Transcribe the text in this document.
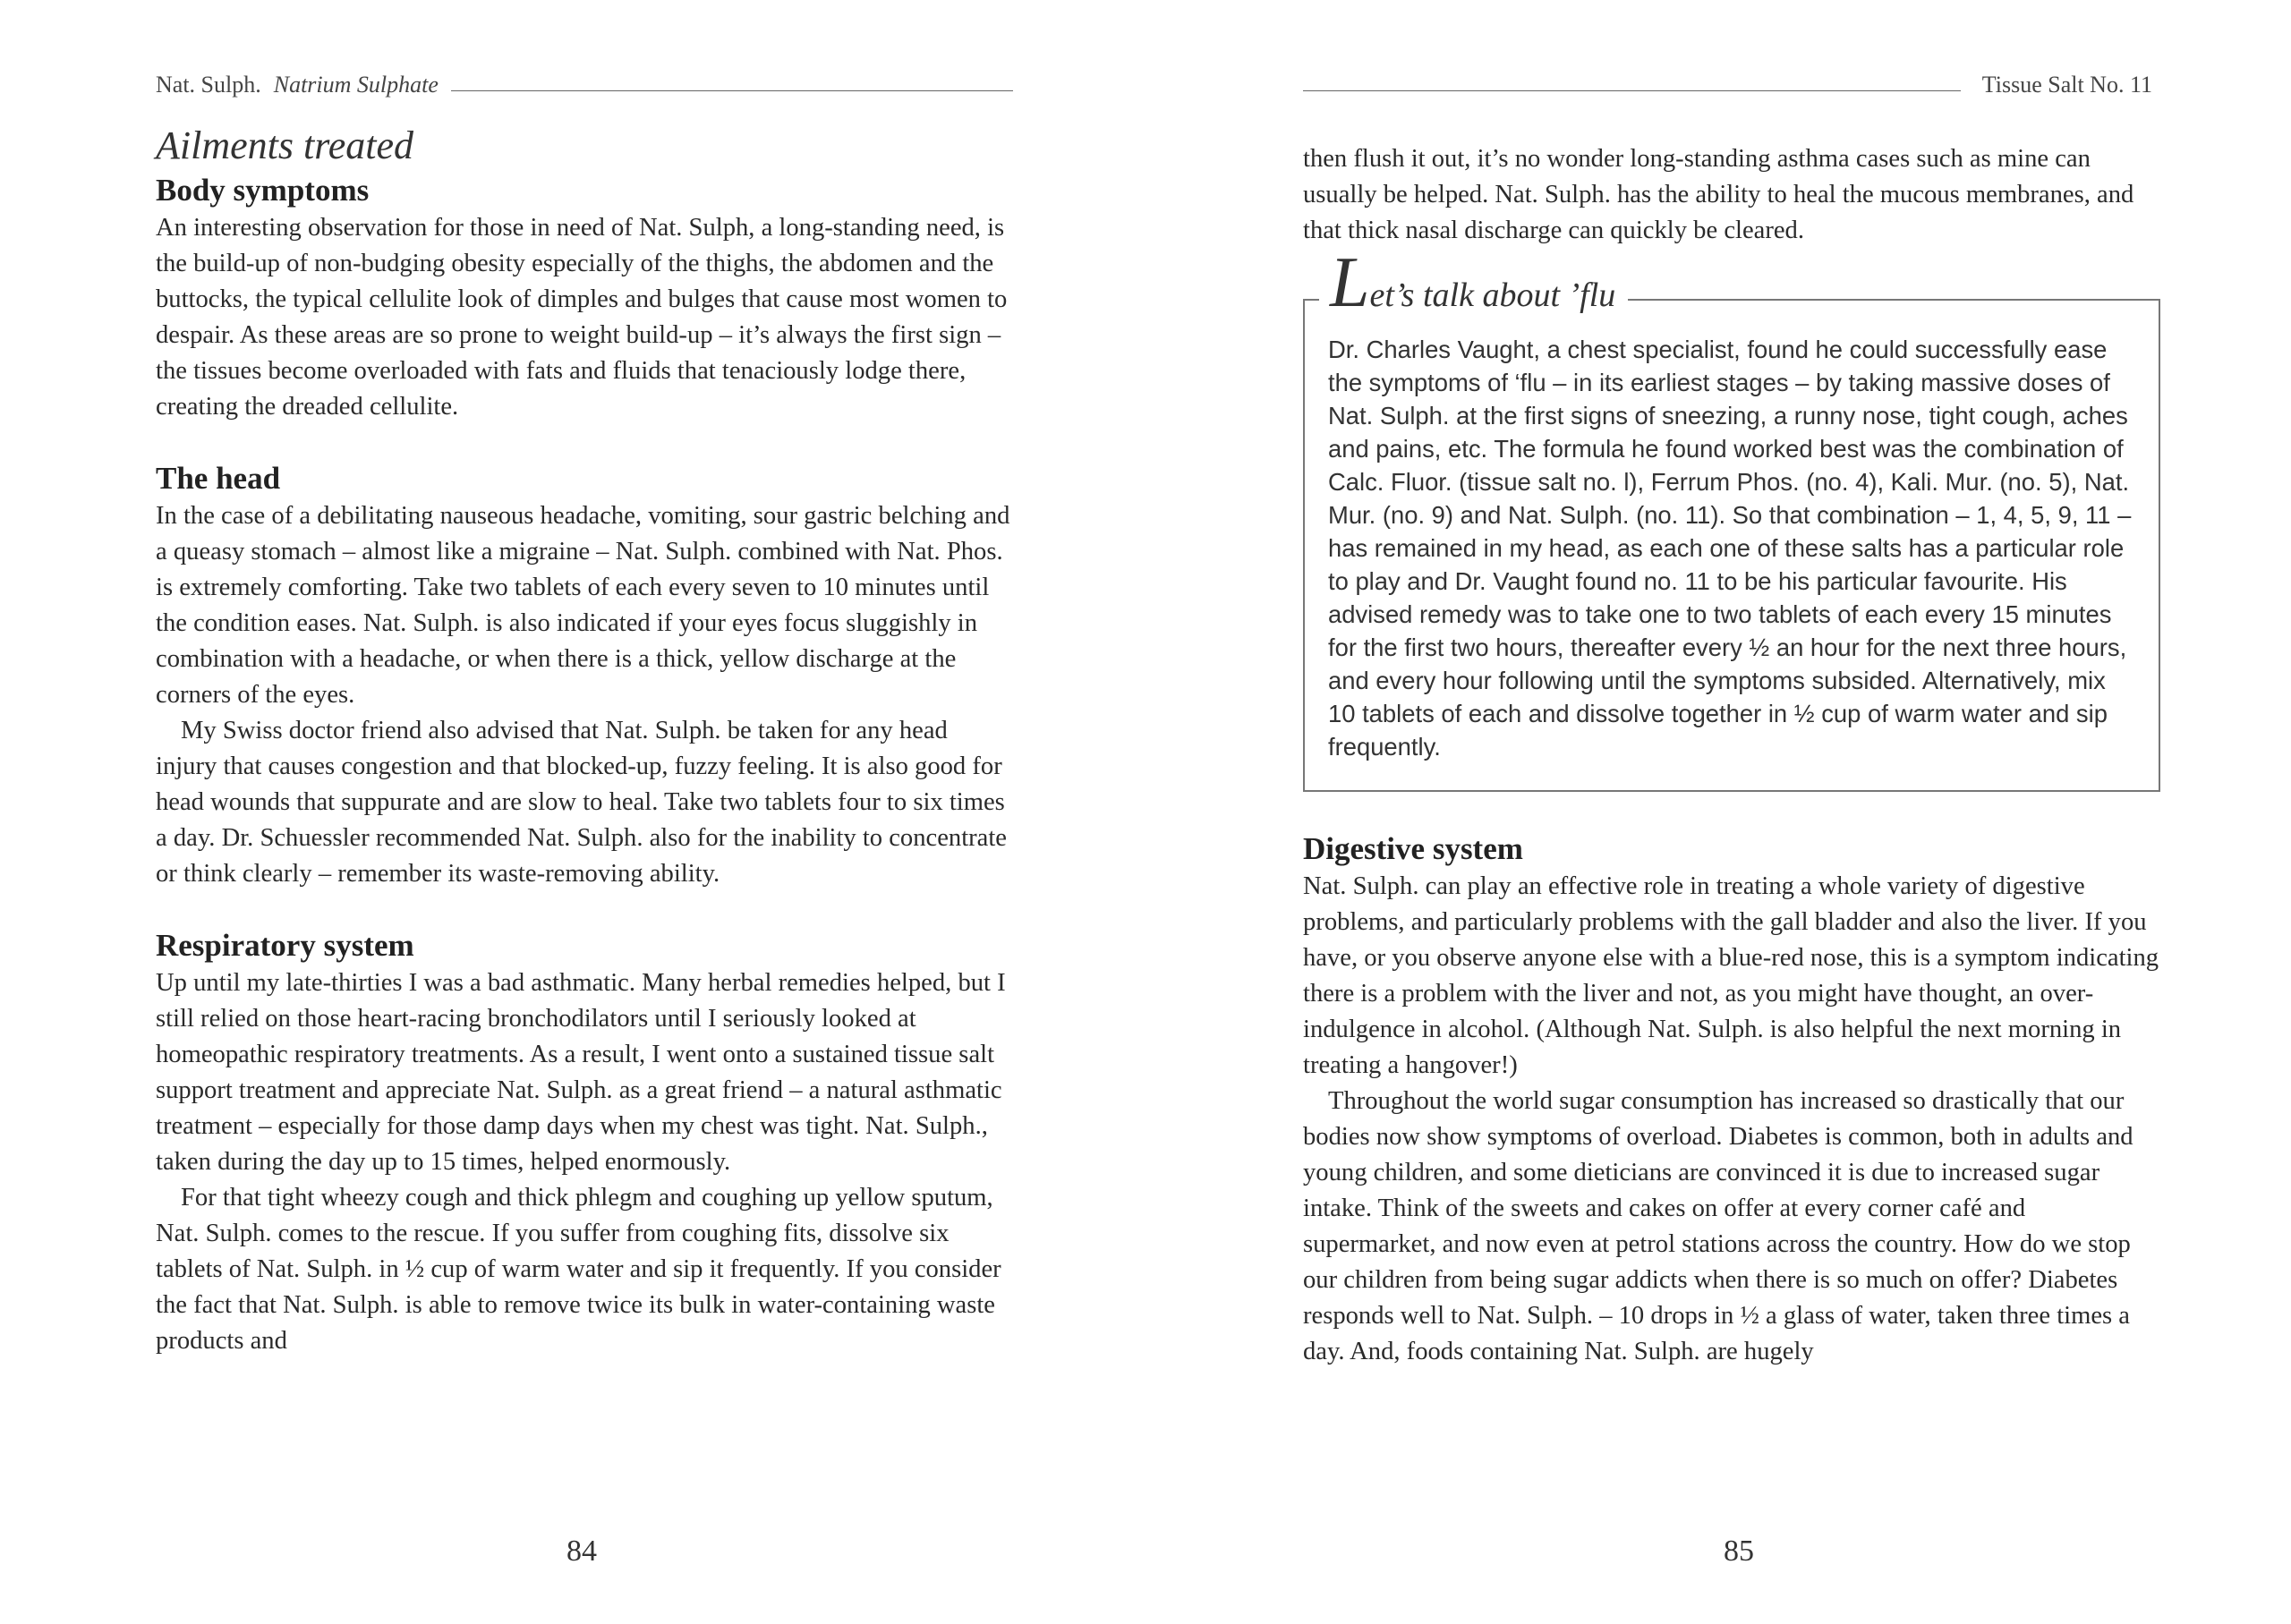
Nat. Sulph. Natrium Sulphate
Ailments treated
Body symptoms

An interesting observation for those in need of Nat. Sulph, a long-standing need, is the build-up of non-budging obesity especially of the thighs, the abdomen and the buttocks, the typical cellulite look of dimples and bulges that cause most women to despair. As these areas are so prone to weight build-up – it’s always the first sign – the tissues become overloaded with fats and fluids that tenaciously lodge there, creating the dreaded cellulite.

The head

In the case of a debilitating nauseous headache, vomiting, sour gastric belching and a queasy stomach – almost like a migraine – Nat. Sulph. combined with Nat. Phos. is extremely comforting. Take two tablets of each every seven to 10 minutes until the condition eases. Nat. Sulph. is also indicated if your eyes focus sluggishly in combination with a headache, or when there is a thick, yellow discharge at the corners of the eyes.

My Swiss doctor friend also advised that Nat. Sulph. be taken for any head injury that causes congestion and that blocked-up, fuzzy feeling. It is also good for head wounds that suppurate and are slow to heal. Take two tablets four to six times a day. Dr. Schuessler recommended Nat. Sulph. also for the inability to concentrate or think clearly – remember its waste-removing ability.

Respiratory system

Up until my late-thirties I was a bad asthmatic. Many herbal remedies helped, but I still relied on those heart-racing bronchodilators until I seriously looked at homeopathic respiratory treatments. As a result, I went onto a sustained tissue salt support treatment and appreciate Nat. Sulph. as a great friend – a natural asthmatic treatment – especially for those damp days when my chest was tight. Nat. Sulph., taken during the day up to 15 times, helped enormously.

For that tight wheezy cough and thick phlegm and coughing up yellow sputum, Nat. Sulph. comes to the rescue. If you suffer from coughing fits, dissolve six tablets of Nat. Sulph. in ½ cup of warm water and sip it frequently. If you consider the fact that Nat. Sulph. is able to remove twice its bulk in water-containing waste products and

84
Tissue Salt No. 11

then flush it out, it’s no wonder long-standing asthma cases such as mine can usually be helped. Nat. Sulph. has the ability to heal the mucous membranes, and that thick nasal discharge can quickly be cleared.

Let’s talk about ’flu

Dr. Charles Vaught, a chest specialist, found he could successfully ease the symptoms of ‘flu – in its earliest stages – by taking massive doses of Nat. Sulph. at the first signs of sneezing, a runny nose, tight cough, aches and pains, etc. The formula he found worked best was the combination of Calc. Fluor. (tissue salt no. l), Ferrum Phos. (no. 4), Kali. Mur. (no. 5), Nat. Mur. (no. 9) and Nat. Sulph. (no. 11). So that combination – 1, 4, 5, 9, 11 – has remained in my head, as each one of these salts has a particular role to play and Dr. Vaught found no. 11 to be his particular favourite. His advised remedy was to take one to two tablets of each every 15 minutes for the first two hours, thereafter every ½ an hour for the next three hours, and every hour following until the symptoms subsided. Alternatively, mix 10 tablets of each and dissolve together in ½ cup of warm water and sip frequently.

Digestive system

Nat. Sulph. can play an effective role in treating a whole variety of digestive problems, and particularly problems with the gall bladder and also the liver. If you have, or you observe anyone else with a blue-red nose, this is a symptom indicating there is a problem with the liver and not, as you might have thought, an over-indulgence in alcohol. (Although Nat. Sulph. is also helpful the next morning in treating a hangover!)

Throughout the world sugar consumption has increased so drastically that our bodies now show symptoms of overload. Diabetes is common, both in adults and young children, and some dieticians are convinced it is due to increased sugar intake. Think of the sweets and cakes on offer at every corner café and supermarket, and now even at petrol stations across the country. How do we stop our children from being sugar addicts when there is so much on offer? Diabetes responds well to Nat. Sulph. – 10 drops in ½ a glass of water, taken three times a day. And, foods containing Nat. Sulph. are hugely

85
